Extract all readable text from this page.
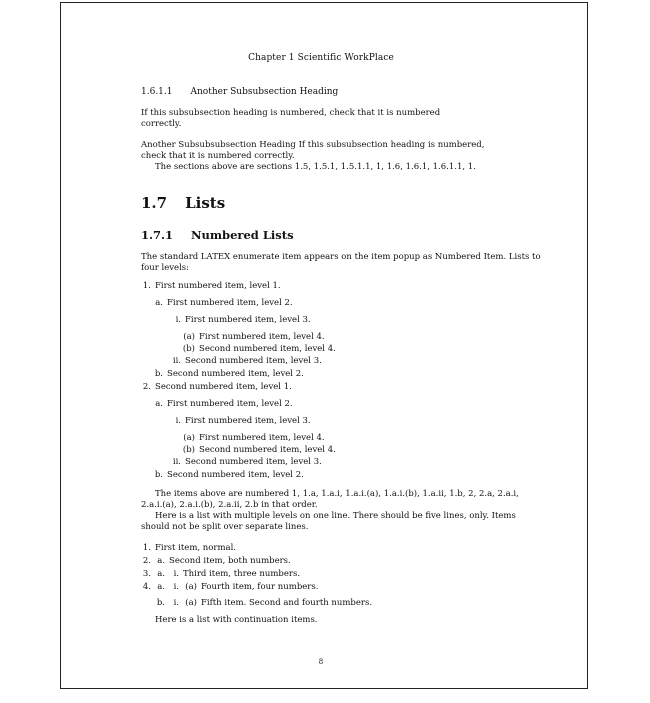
Chapter 1 Scientific WorkPlace
1.6.1.1 Another Subsubsection Heading

If this subsubsection heading is numbered, check that it is numbered

correctly.

Another Subsubsubsection Heading If this subsubsection heading is numbered,

check that it is numbered correctly.

The sections above are sections 1.5, 1.5.1, 1.5.1.1, 1, 1.6, 1.6.1, 1.6.1.1, 1.

1.7 Lists
1.7.1 Numbered Lists

The standard LATEX enumerate item appears on the item popup as Numbered Item. Lists to

four levels:

1. First numbered item, level 1.
a. First numbered item, level 2.
i. First numbered item, level 3.
(a) First numbered item, level 4.
(b) Second numbered item, level 4.
ii. Second numbered item, level 3.
b. Second numbered item, level 2.
2. Second numbered item, level 1.
a. First numbered item, level 2.
i. First numbered item, level 3.
(a) First numbered item, level 4.
(b) Second numbered item, level 4.
ii. Second numbered item, level 3.
b. Second numbered item, level 2.

The items above are numbered 1, 1.a, 1.a.i, 1.a.i.(a), 1.a.i.(b), 1.a.ii, 1.b, 2, 2.a, 2.a.i,

2.a.i.(a), 2.a.i.(b), 2.a.ii, 2.b in that order.

Here is a list with multiple levels on one line. There should be five lines, only. Items

should not be split over separate lines.

1. First item, normal.
2. a. Second item, both numbers.
3. a. i. Third item, three numbers.
4. a. i. (a) Fourth item, four numbers.
b. i. (a) Fifth item. Second and fourth numbers.

Here is a list with continuation items.

8
